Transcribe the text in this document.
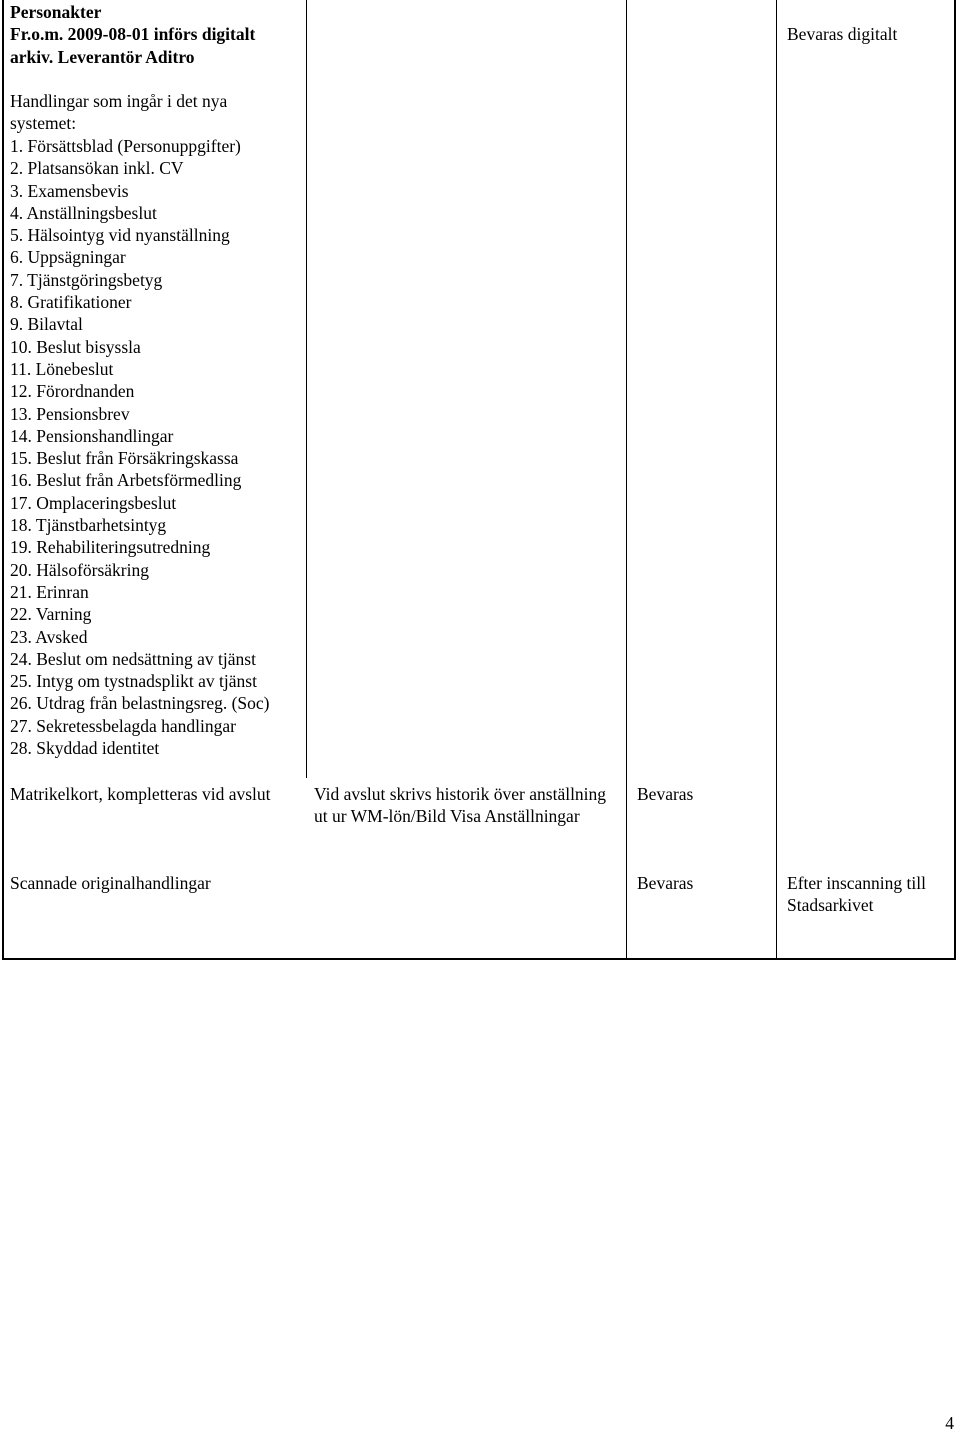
Personakter
Fr.o.m. 2009-08-01 införs digitalt arkiv. Leverantör Aditro
Bevaras digitalt
Handlingar som ingår i det nya systemet:
1. Försättsblad (Personuppgifter)
2. Platsansökan inkl. CV
3. Examensbevis
4. Anställningsbeslut
5. Hälsointyg vid nyanställning
6. Uppsägningar
7. Tjänstgöringsbetyg
8. Gratifikationer
9. Bilavtal
10. Beslut bisyssla
11. Lönebeslut
12. Förordnanden
13. Pensionsbrev
14. Pensionshandlingar
15. Beslut från Försäkringskassa
16. Beslut från Arbetsförmedling
17. Omplaceringsbeslut
18. Tjänstbarhetsintyg
19. Rehabiliteringsutredning
20. Hälsoförsäkring
21. Erinran
22. Varning
23. Avsked
24. Beslut om nedsättning av tjänst
25. Intyg om tystnadsplikt av tjänst
26. Utdrag från belastningsreg. (Soc)
27. Sekretessbelagda handlingar
28. Skyddad identitet
Matrikelkort, kompletteras vid avslut Vid avslut skrivs historik över anställning ut ur WM-lön/Bild Visa Anställningar
Bevaras
Scannade originalhandlingar	Bevaras	Efter inscanning till Stadsarkivet
4
